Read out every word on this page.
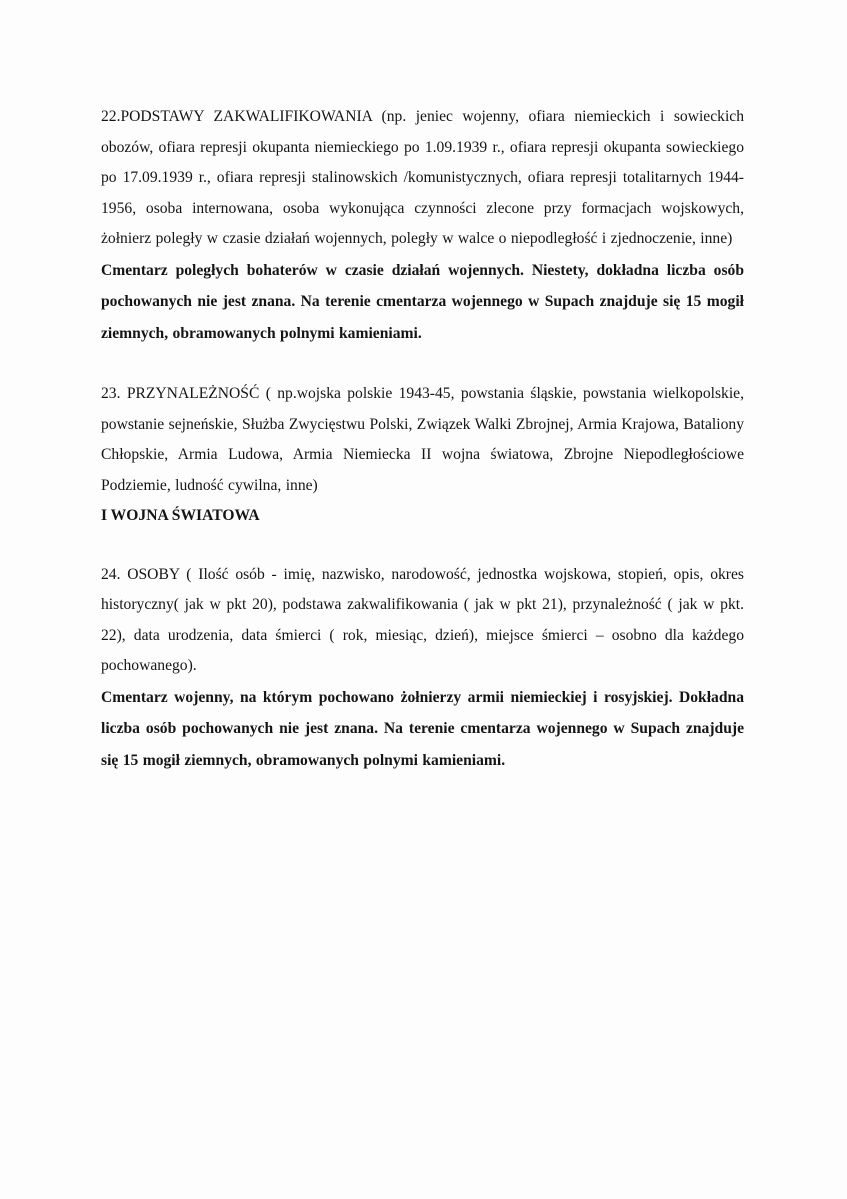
22.PODSTAWY ZAKWALIFIKOWANIA (np. jeniec wojenny, ofiara niemieckich i sowieckich obozów, ofiara represji okupanta niemieckiego po 1.09.1939 r., ofiara represji okupanta sowieckiego po 17.09.1939 r., ofiara represji stalinowskich /komunistycznych, ofiara represji totalitarnych 1944-1956, osoba internowana, osoba wykonująca czynności zlecone przy formacjach wojskowych, żołnierz poległy w czasie działań wojennych, poległy w walce o niepodległość i zjednoczenie, inne)

Cmentarz poległych bohaterów w czasie działań wojennych. Niestety, dokładna liczba osób pochowanych nie jest znana. Na terenie cmentarza wojennego w Supach znajduje się 15 mogił ziemnych, obramowanych polnymi kamieniami.

23. PRZYNALEŻNOŚĆ ( np.wojska polskie 1943-45, powstania śląskie, powstania wielkopolskie, powstanie sejneńskie, Służba Zwycięstwu Polski, Związek Walki Zbrojnej, Armia Krajowa, Bataliony Chłopskie, Armia Ludowa, Armia Niemiecka II wojna światowa, Zbrojne Niepodległościowe Podziemie, ludność cywilna, inne)

I WOJNA ŚWIATOWA

24. OSOBY ( Ilość osób - imię, nazwisko, narodowość, jednostka wojskowa, stopień, opis, okres historyczny( jak w pkt 20), podstawa zakwalifikowania ( jak w pkt 21), przynależność ( jak w pkt. 22), data urodzenia, data śmierci ( rok, miesiąc, dzień), miejsce śmierci – osobno dla każdego pochowanego).

Cmentarz wojenny, na którym pochowano żołnierzy armii niemieckiej i rosyjskiej. Dokładna liczba osób pochowanych nie jest znana. Na terenie cmentarza wojennego w Supach znajduje się 15 mogił ziemnych, obramowanych polnymi kamieniami.
